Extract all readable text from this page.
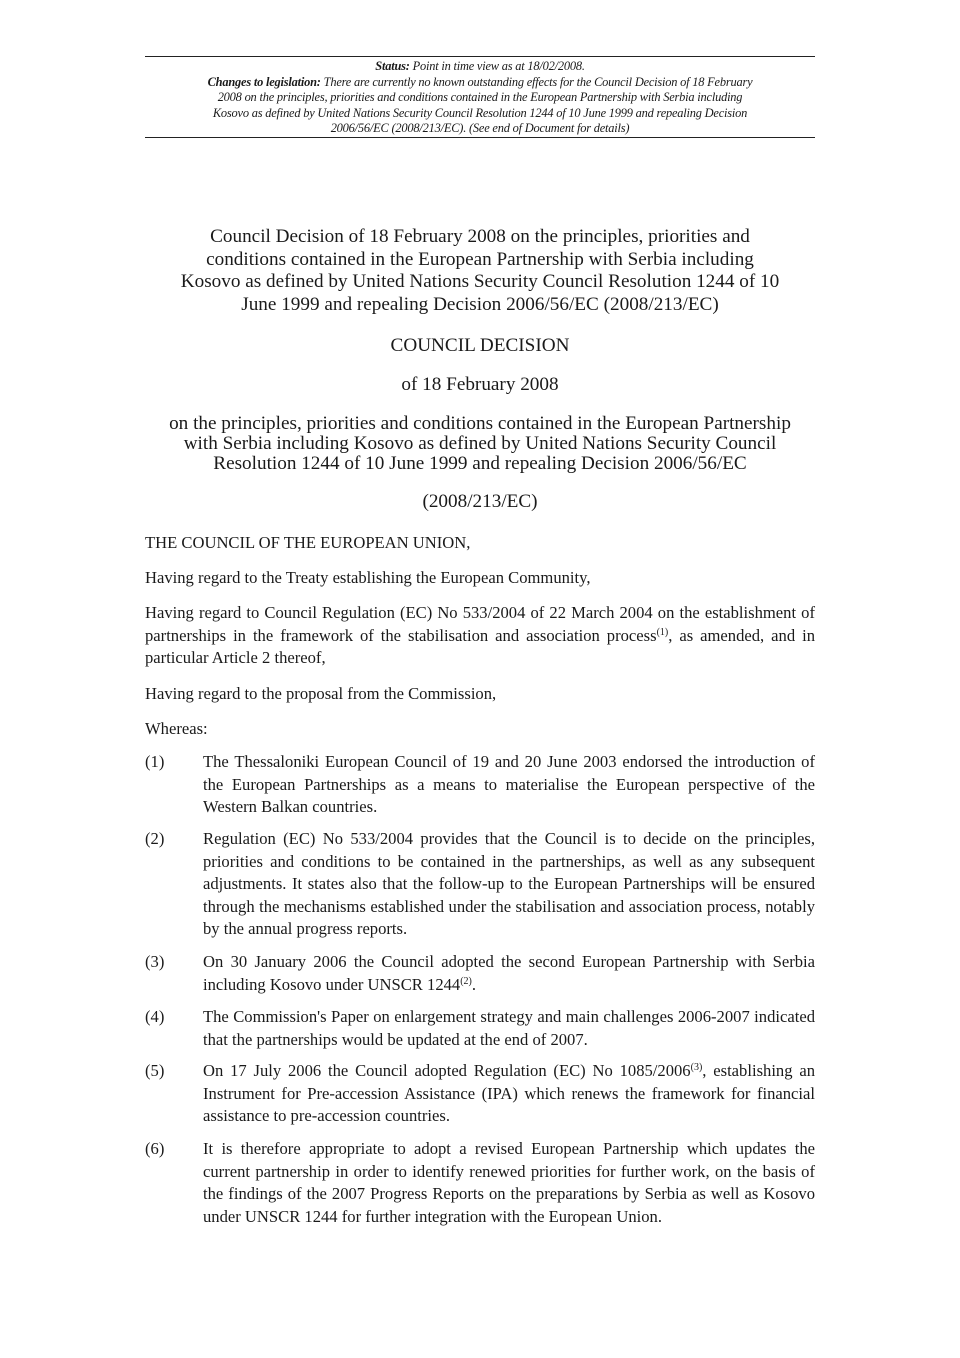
Status: Point in time view as at 18/02/2008.
Changes to legislation: There are currently no known outstanding effects for the Council Decision of 18 February 2008 on the principles, priorities and conditions contained in the European Partnership with Serbia including Kosovo as defined by United Nations Security Council Resolution 1244 of 10 June 1999 and repealing Decision 2006/56/EC (2008/213/EC). (See end of Document for details)
Council Decision of 18 February 2008 on the principles, priorities and conditions contained in the European Partnership with Serbia including Kosovo as defined by United Nations Security Council Resolution 1244 of 10 June 1999 and repealing Decision 2006/56/EC (2008/213/EC)
COUNCIL DECISION
of 18 February 2008
on the principles, priorities and conditions contained in the European Partnership with Serbia including Kosovo as defined by United Nations Security Council Resolution 1244 of 10 June 1999 and repealing Decision 2006/56/EC
(2008/213/EC)
THE COUNCIL OF THE EUROPEAN UNION,
Having regard to the Treaty establishing the European Community,
Having regard to Council Regulation (EC) No 533/2004 of 22 March 2004 on the establishment of partnerships in the framework of the stabilisation and association process$^{(1)}$, as amended, and in particular Article 2 thereof,
Having regard to the proposal from the Commission,
Whereas:
(1) The Thessaloniki European Council of 19 and 20 June 2003 endorsed the introduction of the European Partnerships as a means to materialise the European perspective of the Western Balkan countries.
(2) Regulation (EC) No 533/2004 provides that the Council is to decide on the principles, priorities and conditions to be contained in the partnerships, as well as any subsequent adjustments. It states also that the follow-up to the European Partnerships will be ensured through the mechanisms established under the stabilisation and association process, notably by the annual progress reports.
(3) On 30 January 2006 the Council adopted the second European Partnership with Serbia including Kosovo under UNSCR 1244$^{(2)}$.
(4) The Commission's Paper on enlargement strategy and main challenges 2006-2007 indicated that the partnerships would be updated at the end of 2007.
(5) On 17 July 2006 the Council adopted Regulation (EC) No 1085/2006$^{(3)}$, establishing an Instrument for Pre-accession Assistance (IPA) which renews the framework for financial assistance to pre-accession countries.
(6) It is therefore appropriate to adopt a revised European Partnership which updates the current partnership in order to identify renewed priorities for further work, on the basis of the findings of the 2007 Progress Reports on the preparations by Serbia as well as Kosovo under UNSCR 1244 for further integration with the European Union.
